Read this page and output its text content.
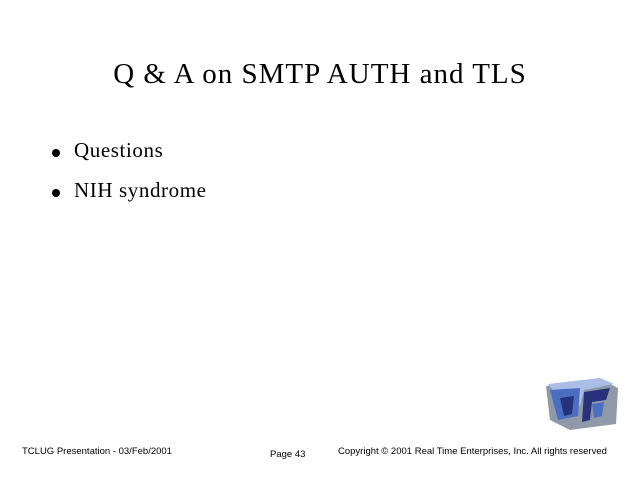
Q & A on SMTP AUTH and TLS
Questions
NIH syndrome
TCLUG Presentation - 03/Feb/2001	Page 43	Copyright © 2001 Real Time Enterprises, Inc. All rights reserved
